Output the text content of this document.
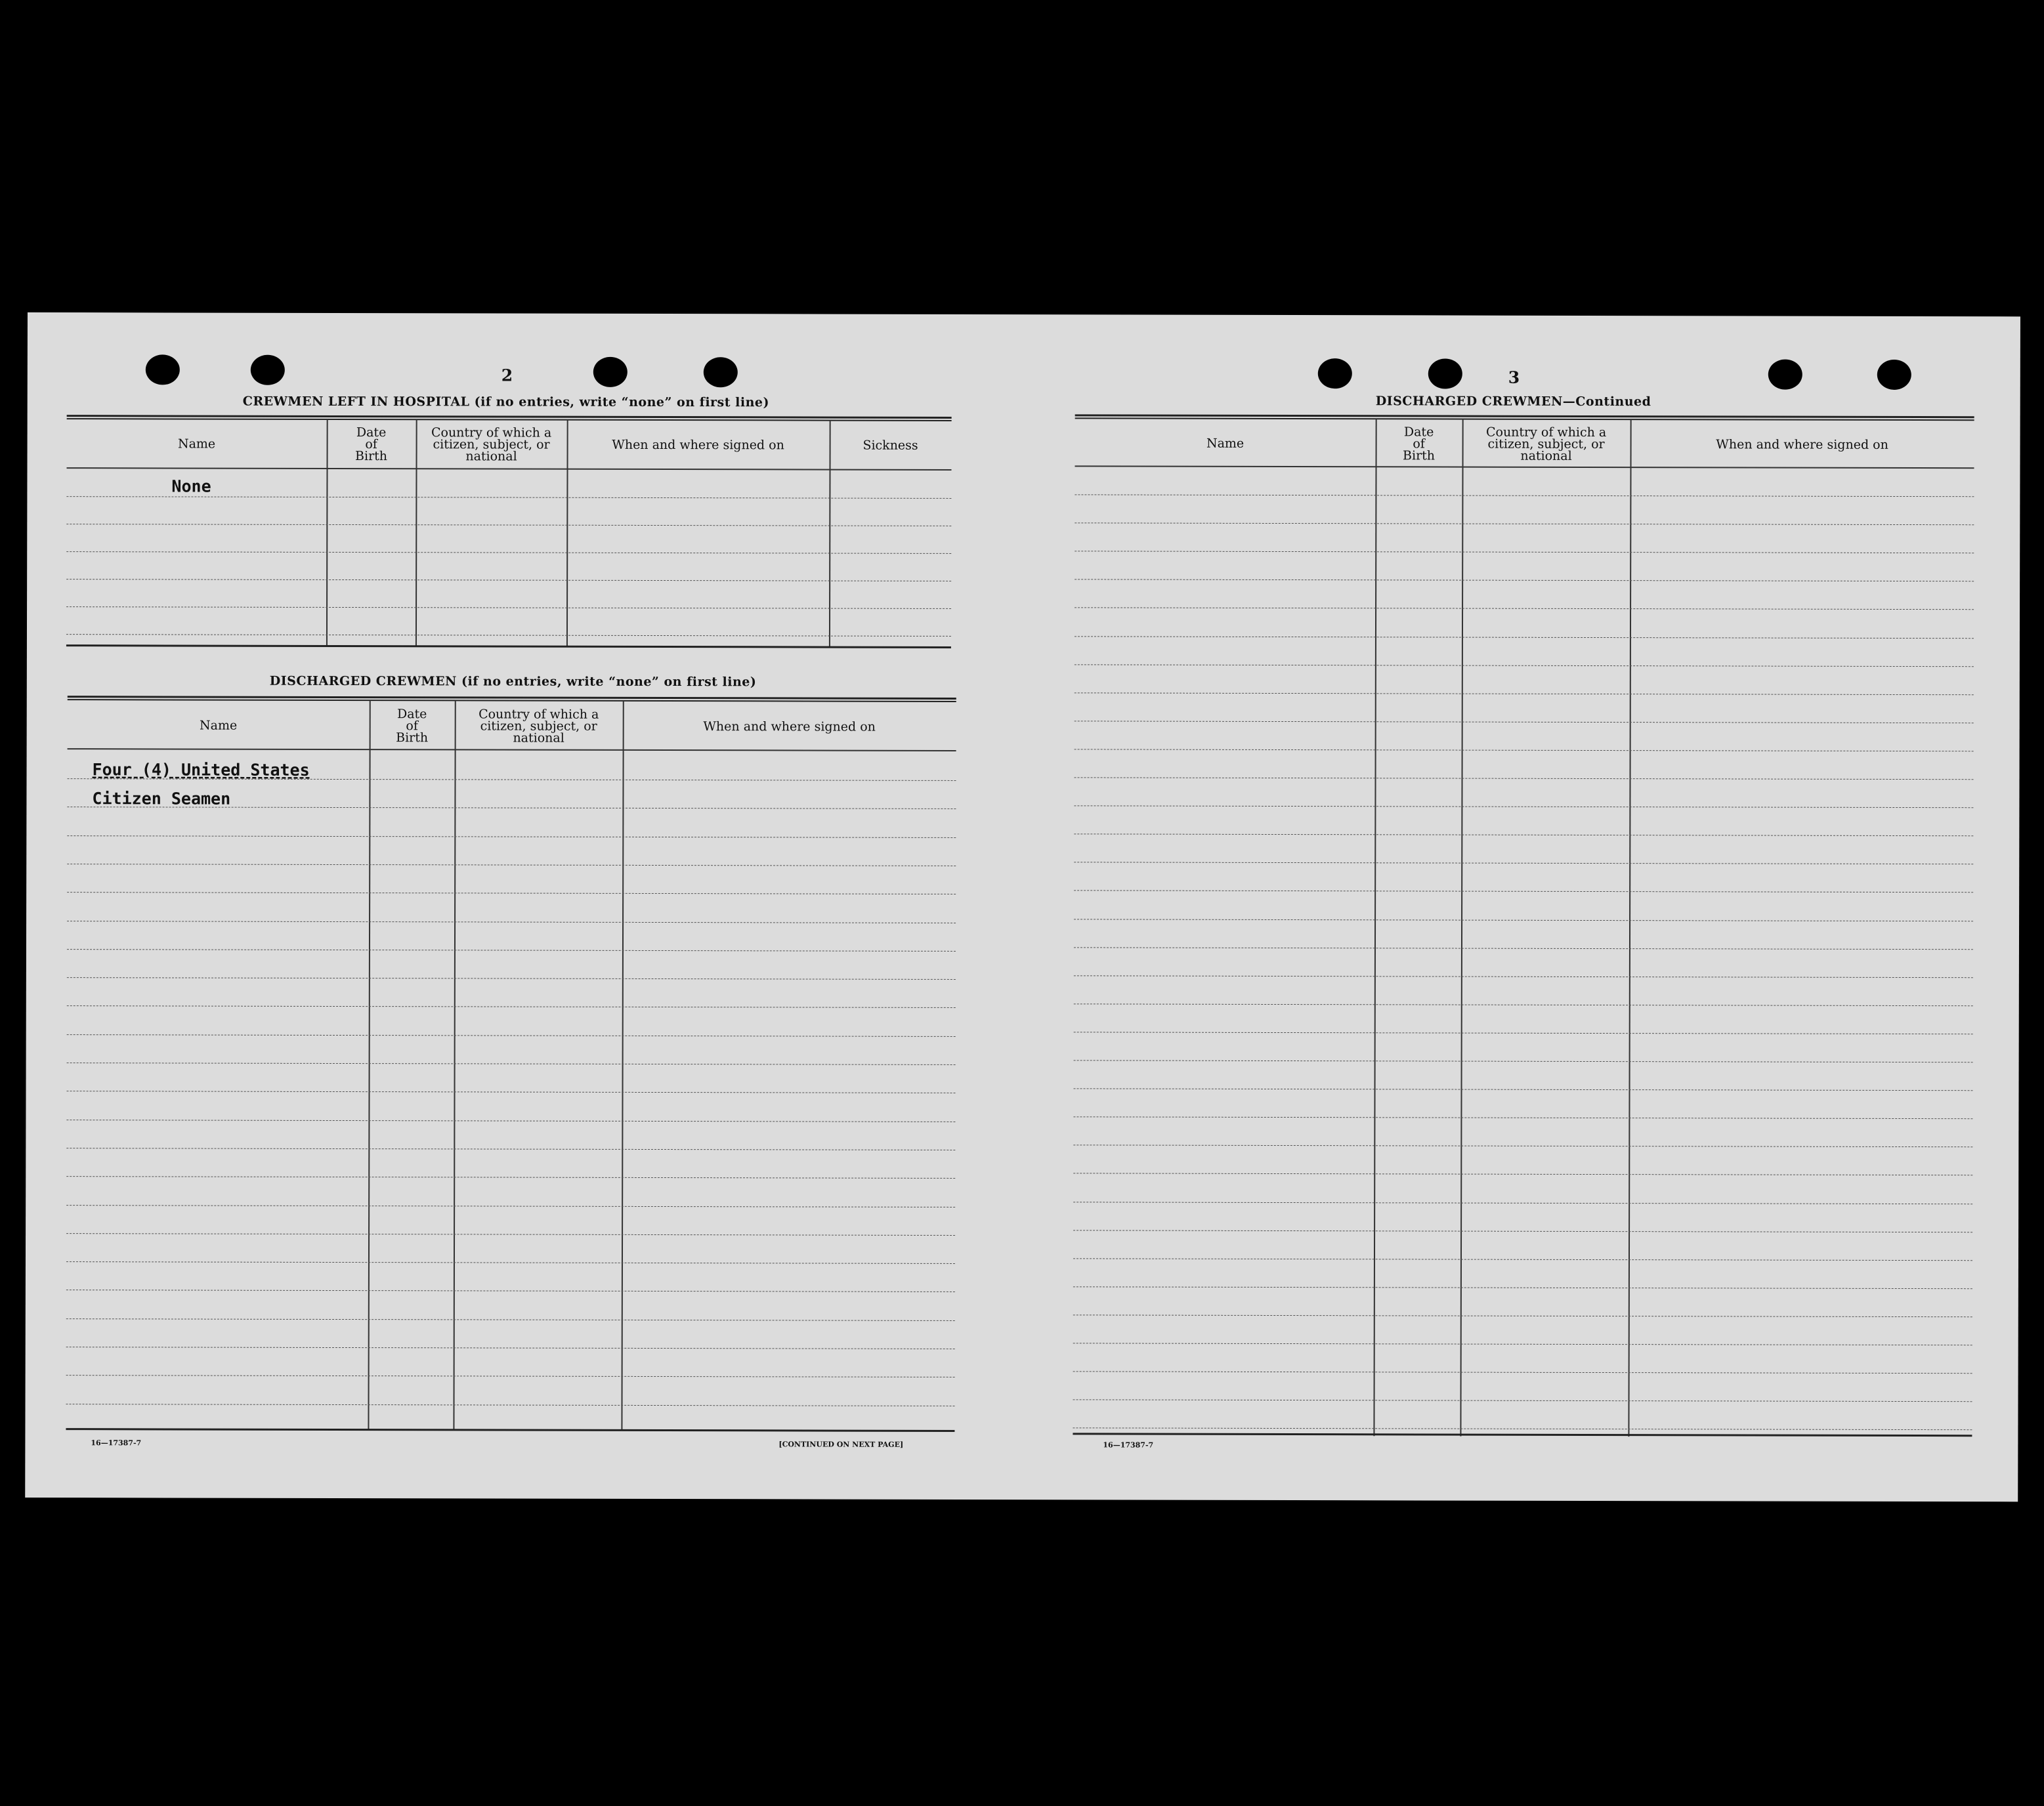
2
CREWMEN LEFT IN HOSPITAL (if no entries, write “none” on first line)
Name
Date
of
Birth
Country of which a
citizen, subject, or
national
When and where signed on	Sickness
None
DISCHARGED CREWMEN (if no entries, write “none” on first line)
Name
Date
of
Birth
Country of which a
citizen, subject, or
national
When and where signed on
Four (4) United States
Citizen Seamen
16—17387-7	[CONTINUED ON NEXT PAGE]
3
DISCHARGED CREWMEN—Continued
Name
Date
of
Birth
Country of which a
citizen, subject, or
national
When and where signed on
16—17387-7
